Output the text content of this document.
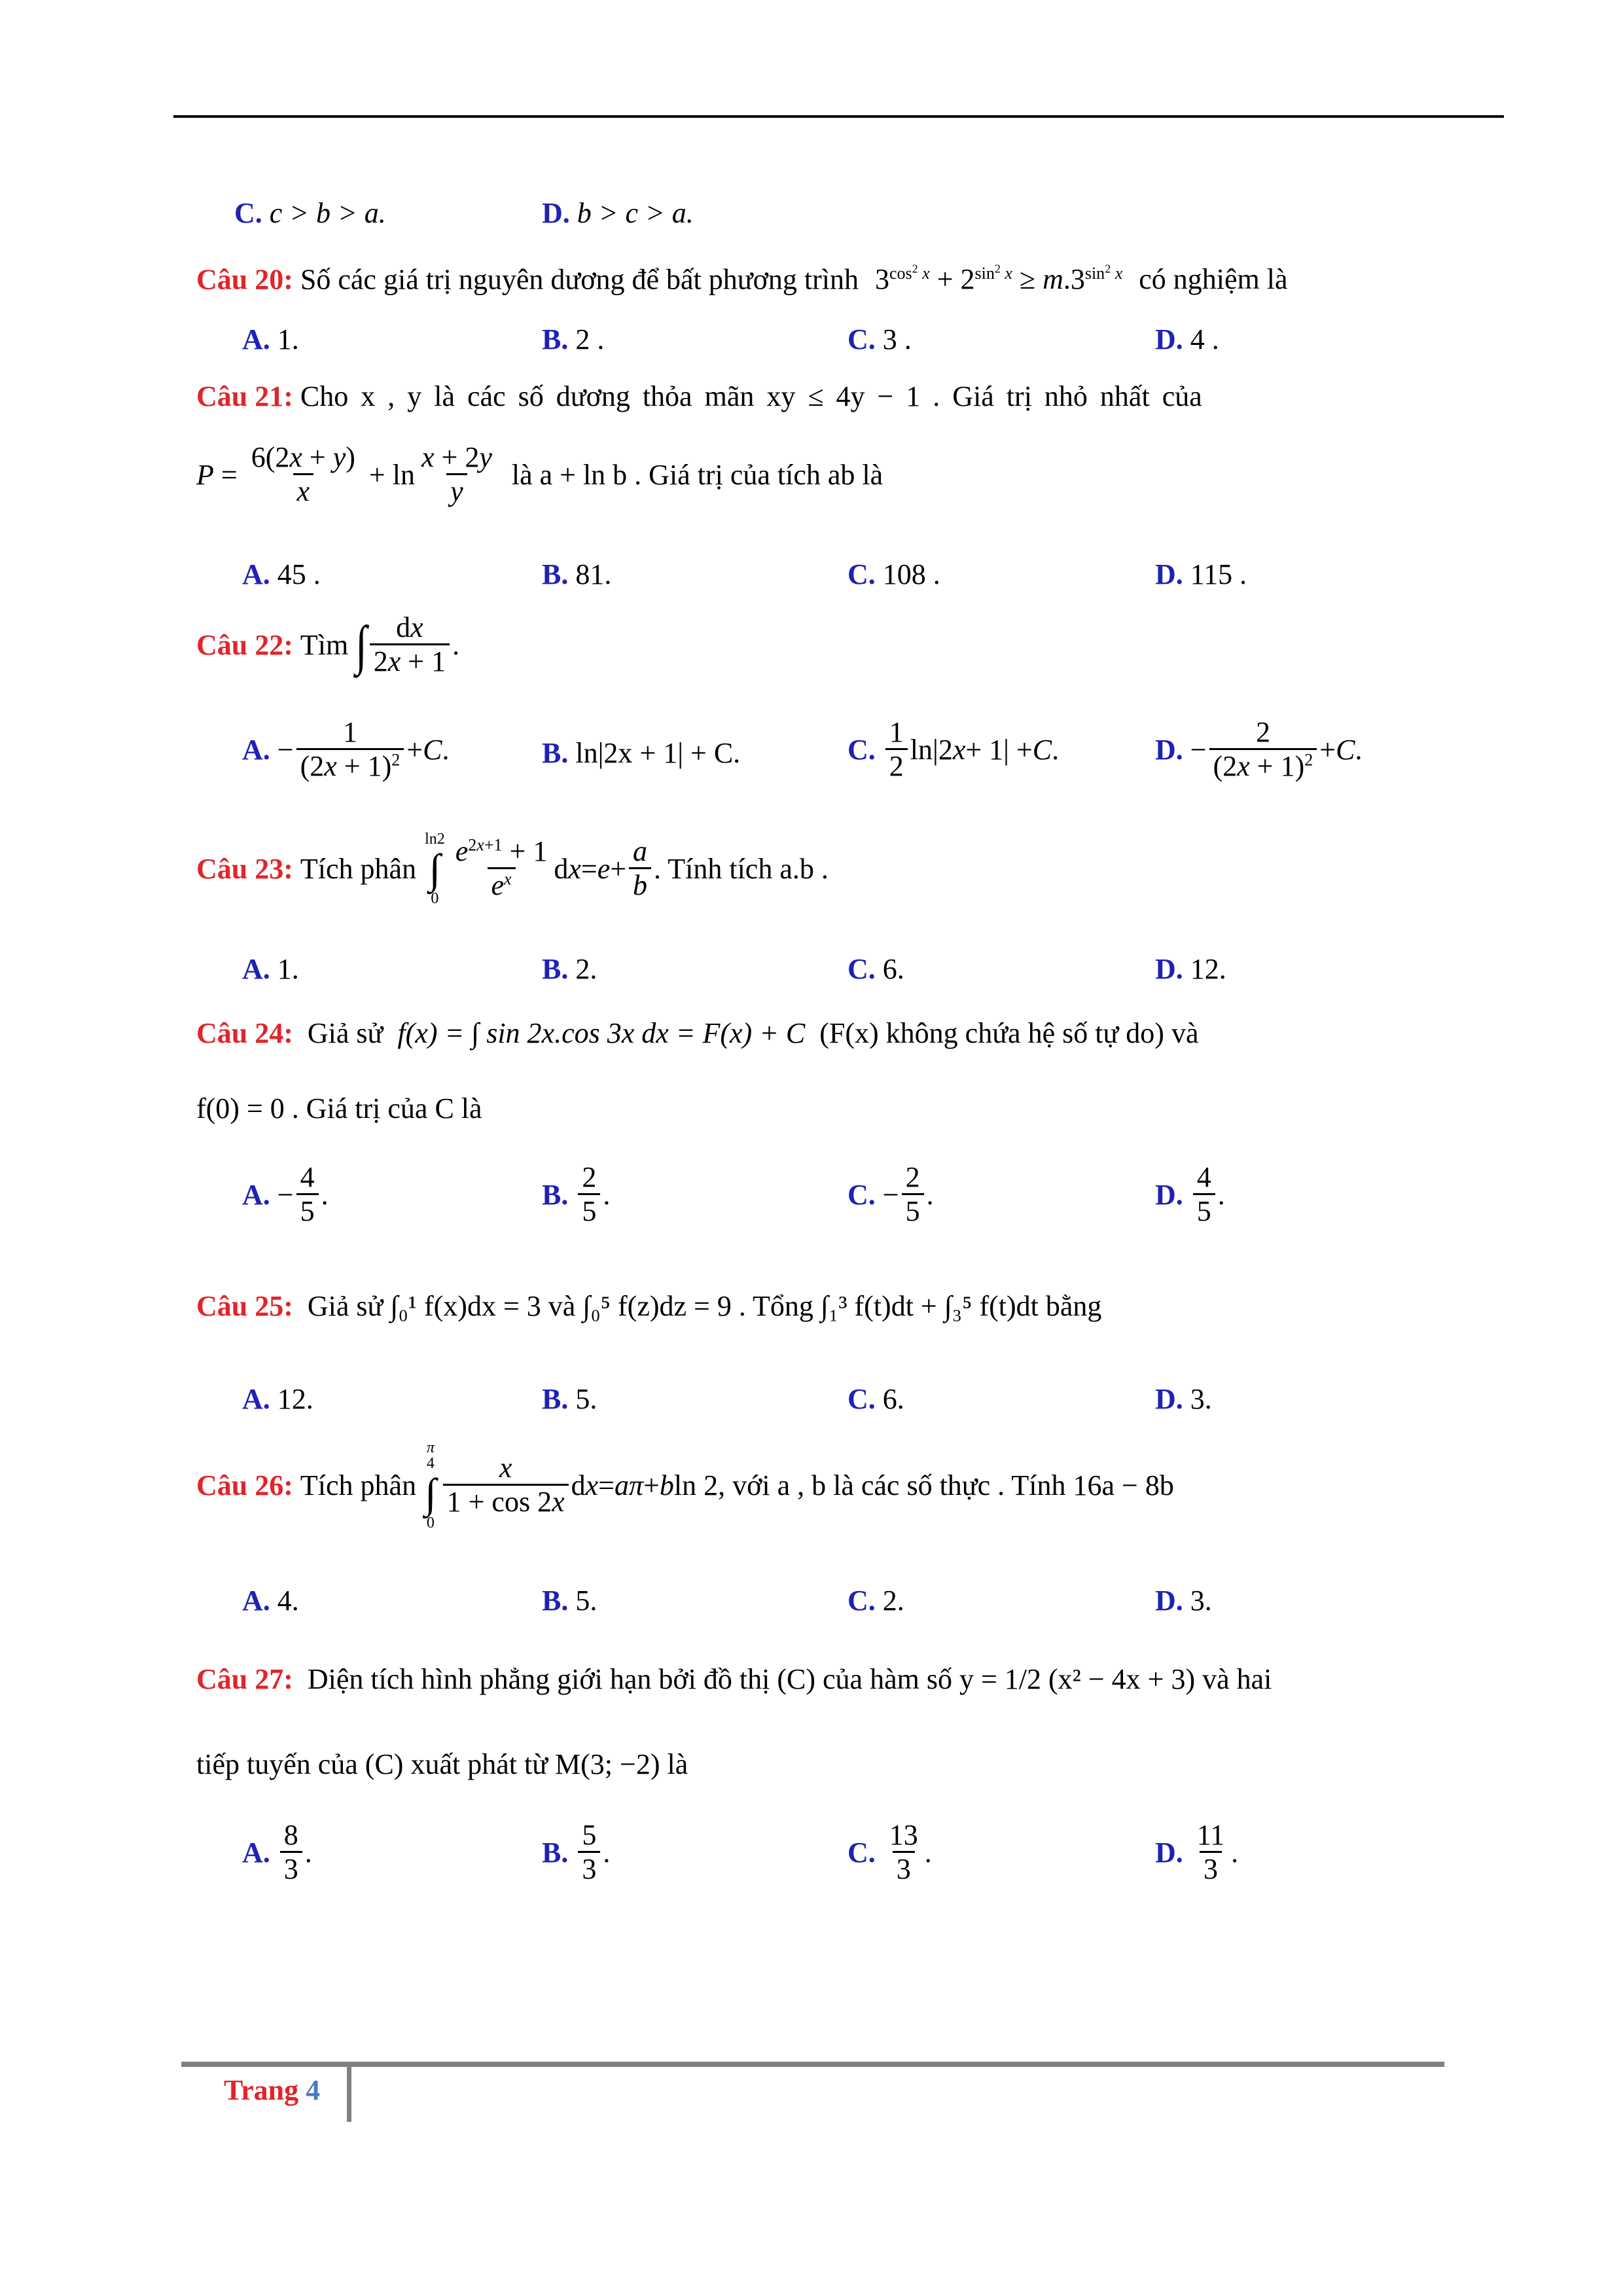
C.
c > b > a.	D.
b > c > a.
Câu 20: Số các giá trị nguyên dương để bất phương trình $3^{cos^2 x} + 2^{sin^2 x} \ge m.3^{sin^2 x}$ có nghiệm là
A.
1.	B.
2 .	C.
3 .	D.
4 .
Câu 21: Cho x , y là các số dương thỏa mãn xy ≤ 4y − 1 . Giá trị nhỏ nhất của
$P = \frac{6(2x + y)}{x} + \ln \frac{x + 2y}{y}$ là a + ln b . Giá trị của tích ab là
A.
45 .	B.
81.	C.
108 .	D.
115 .
Câu 22:
Tìm
∫ $\frac{dx}{2x + 1}$ .
A. − $\frac{1}{(2x + 1)^2} + C$ .	B.
ln|2x + 1| + C.	C.
$\frac{1}{2} \ln|2$ x + 1| + C .	D. − $\frac{2}{(2x + 1)^2} + C$ .
Câu 23:
Tích phân

ln2
∫
$0 \frac{e^{2x+1} + 1}{e^x}$ d $x = e + \frac{a}{b}$ . Tính tích a.b .
A.
1.	B.
2.	C.
6.	D.
12.
Câu 24: Giả sử f(x) = ∫ sin 2x.cos 3x dx = F(x) + C (F(x) không chứa hệ số tự do) và
f(0) = 0 . Giá trị của C là
A. − $\frac{4}{5}$ .	B.
$\frac{2}{5}$ .	C. − $\frac{2}{5}$ .	D.
$\frac{4}{5}$ .
Câu 25: Giả sử ∫₀¹ f(x)dx = 3 và ∫₀⁵ f(z)dz = 9 . Tổng ∫₁³ f(t)dt + ∫₃⁵ f(t)dt bằng
A.
12.	B.
5.	C.
6.	D.
3.
Câu 26:
Tích phân

π
4
∫
0
$\frac{x}{1 + \cos 2x}$ d x = aπ + b ln 2 , với a , b là các số thực . Tính 16a − 8b
A.
4.	B.
5.	C.
2.	D.
3.
Câu 27: Diện tích hình phẳng giới hạn bởi đồ thị (C) của hàm số y = 1/2 (x² − 4x + 3) và hai
tiếp tuyến của (C) xuất phát từ M(3; −2) là
A.
$\frac{8}{3}$ .	B.
$\frac{5}{3}$ .	C.
$\frac{13}{3}$ .	D.
$\frac{11}{3}$ .
Trang 4
